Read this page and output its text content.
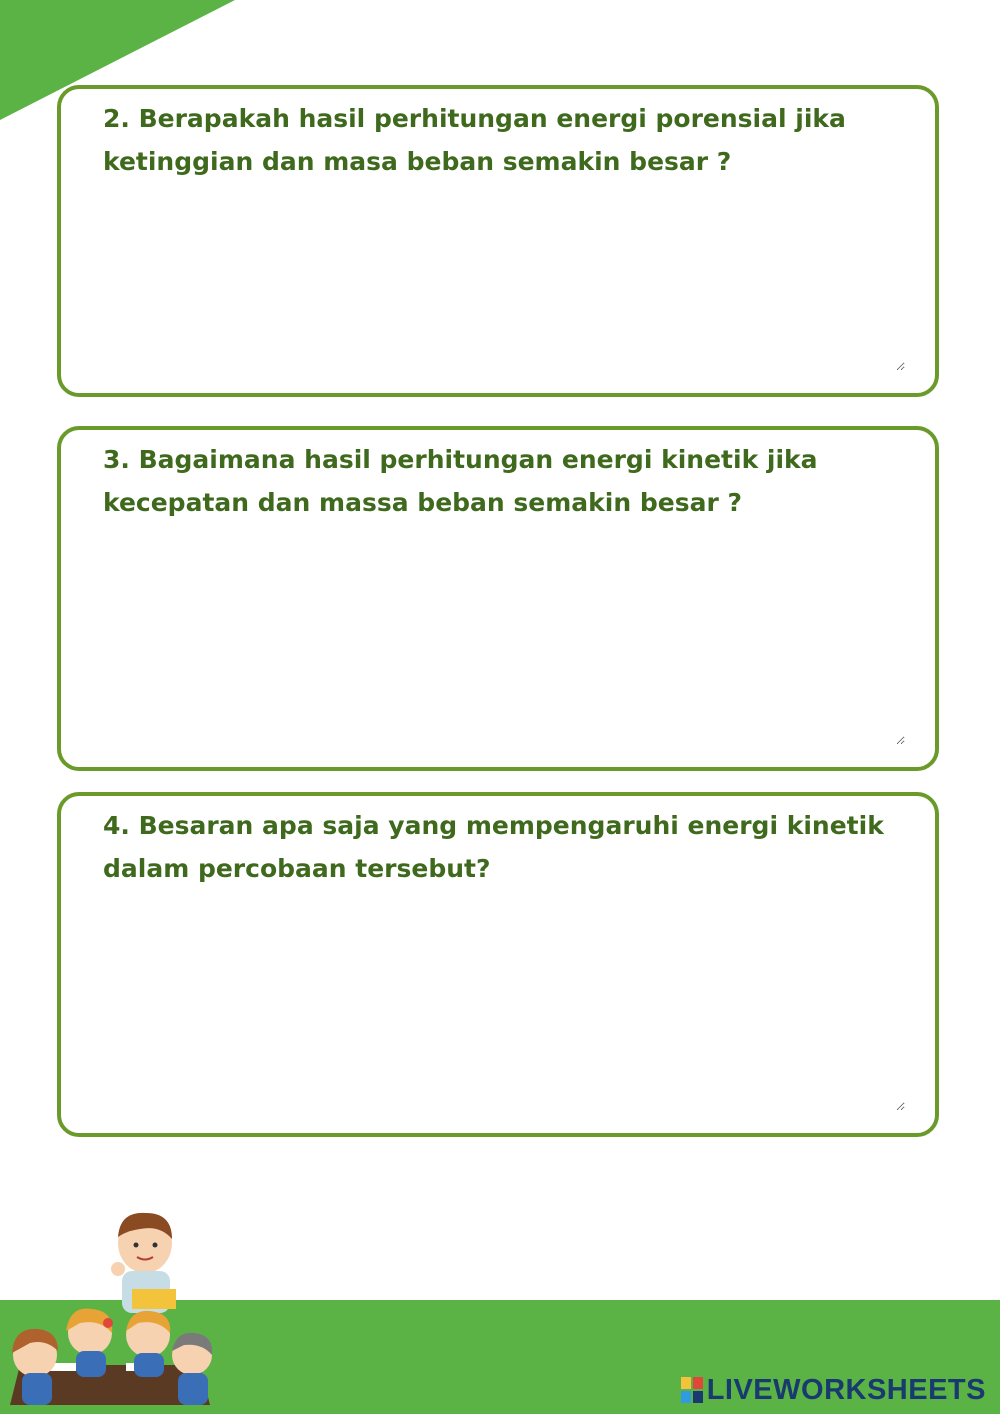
2. Berapakah hasil perhitungan energi porensial jika
ketinggian dan masa beban semakin besar ?
3. Bagaimana hasil perhitungan energi kinetik jika
kecepatan dan massa beban semakin besar ?
4. Besaran apa saja yang mempengaruhi energi kinetik
dalam percobaan tersebut?
LIVEWORKSHEETS
